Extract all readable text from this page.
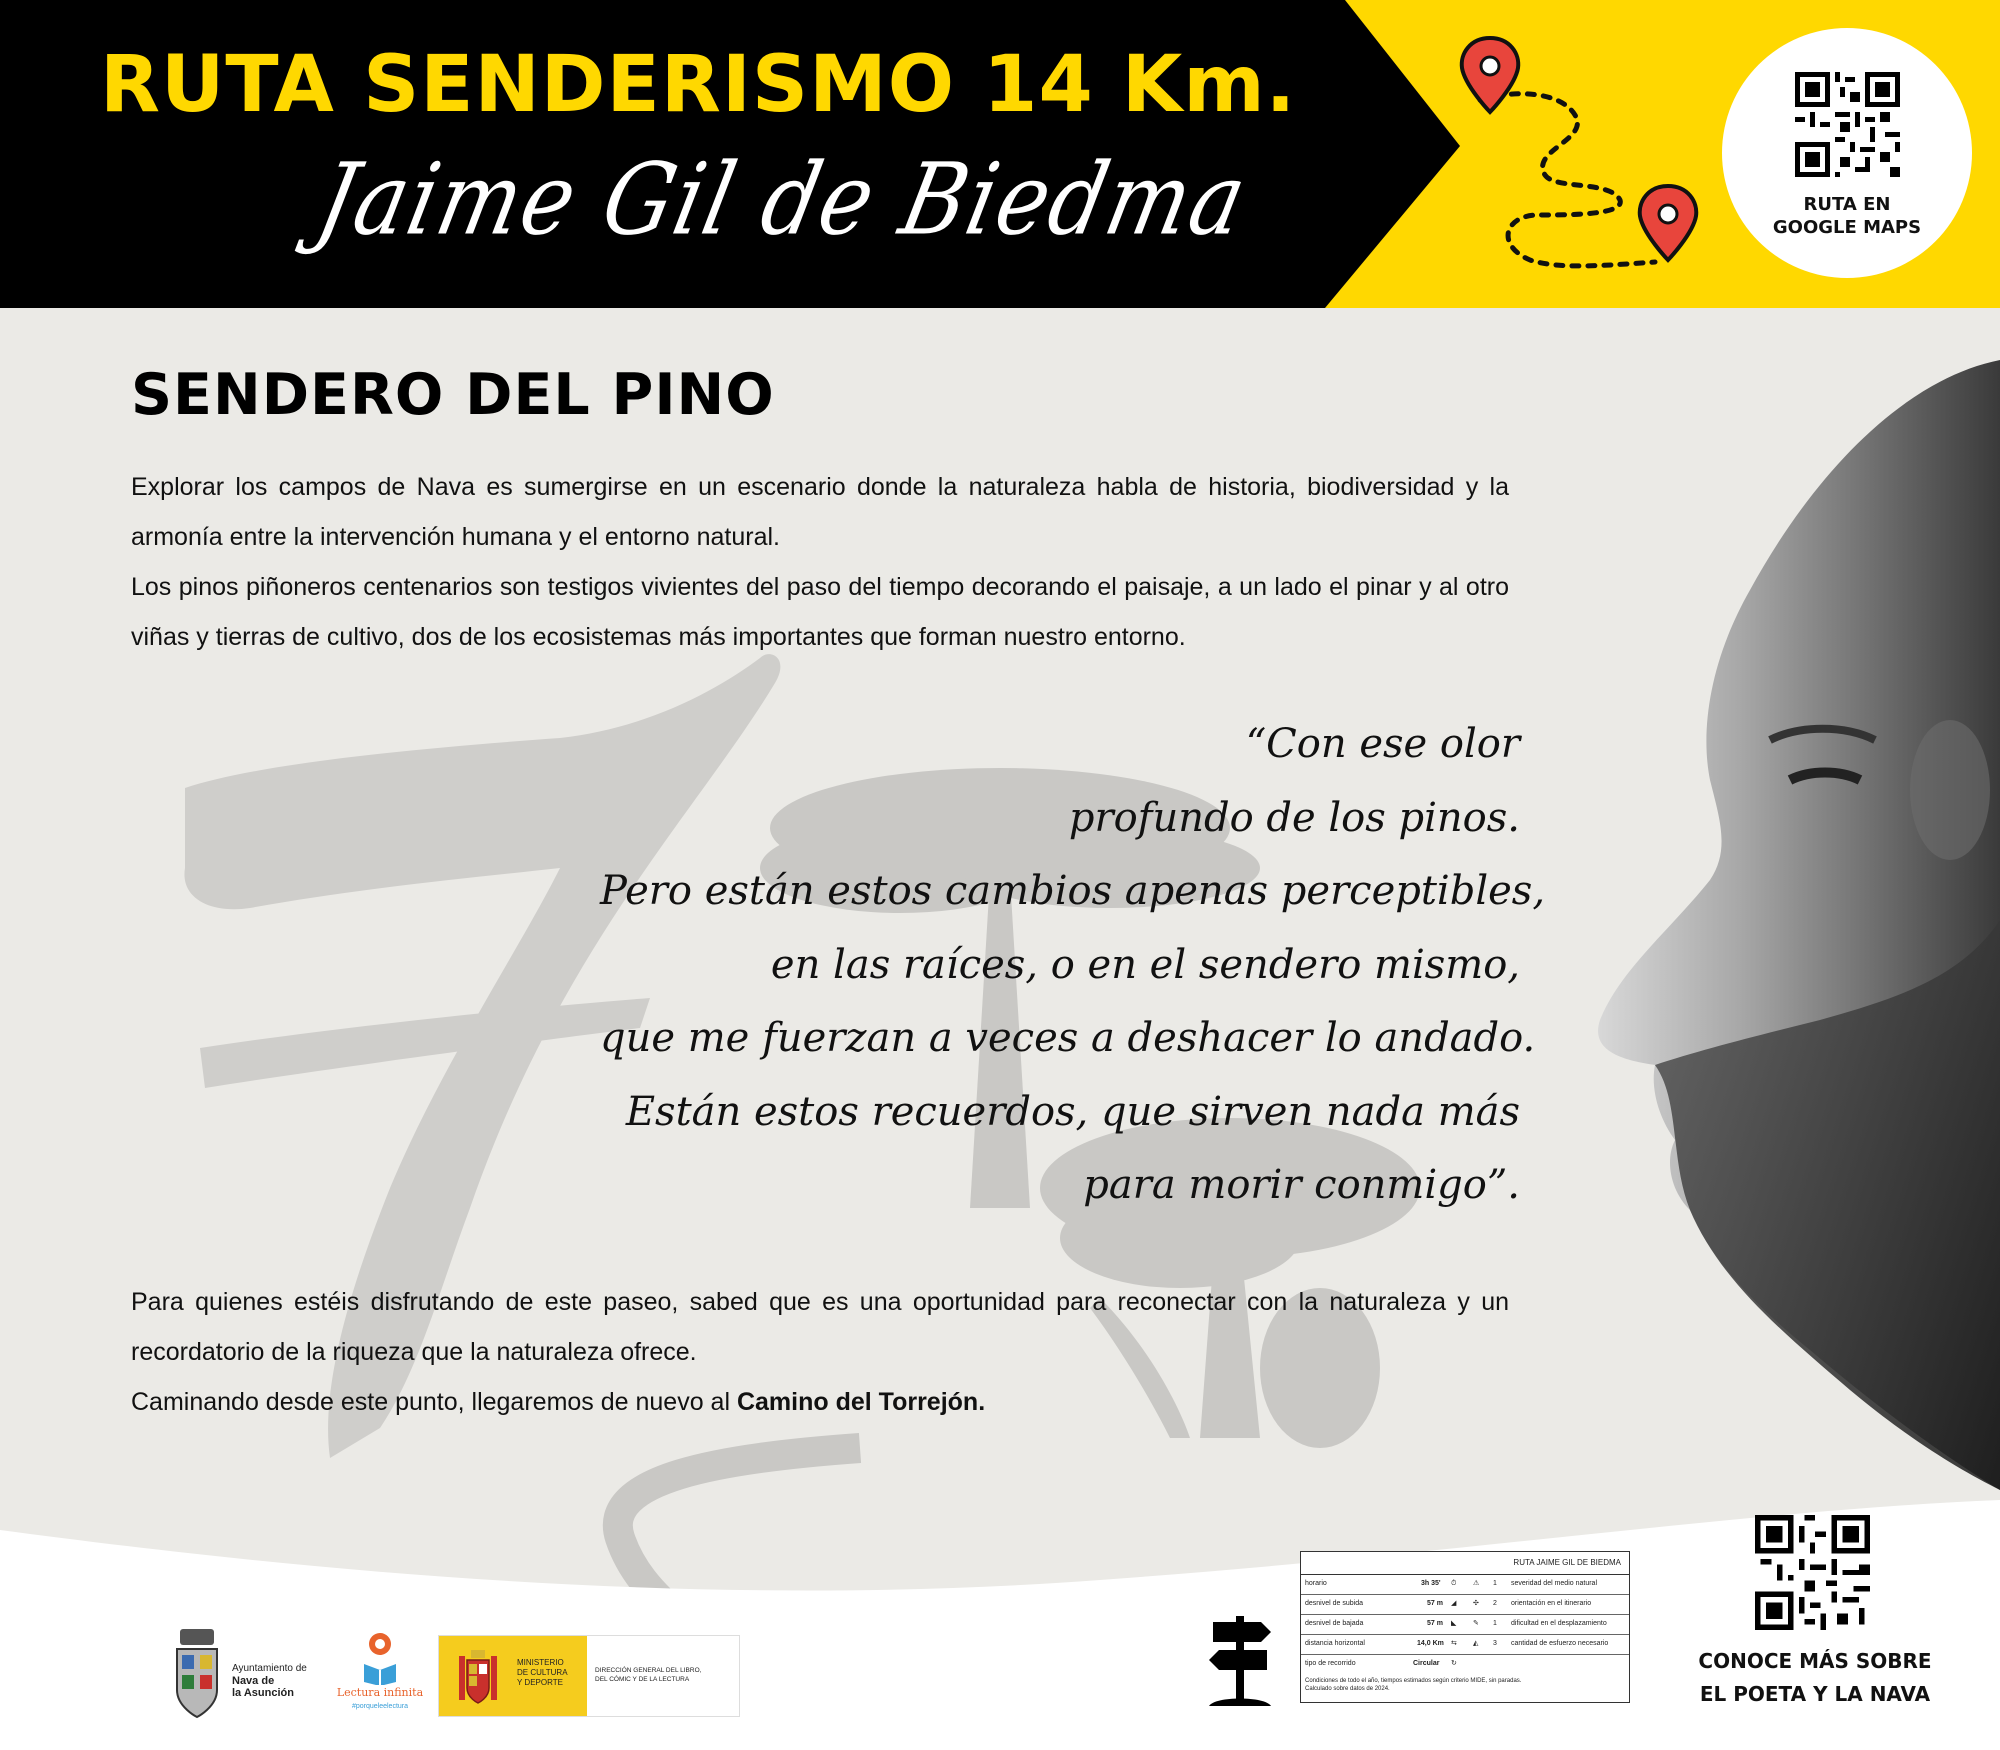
RUTA SENDERISMO 14 Km.
Jaime Gil de Biedma	RUTA EN
GOOGLE MAPS
SENDERO DEL PINO

Explorar los campos de Nava es sumergirse en un escenario donde la naturaleza habla de historia, biodiversidad y la armonía entre la intervención humana y el entorno natural.

Los pinos piñoneros centenarios son testigos vivientes del paso del tiempo decorando el paisaje, a un lado el pinar y al otro viñas y tierras de cultivo, dos de los ecosistemas más importantes que forman nuestro entorno.

“Con ese olor
profundo de los pinos.
Pero están estos cambios apenas perceptibles,
en las raíces, o en el sendero mismo,
que me fuerzan a veces a deshacer lo andado.
Están estos recuerdos, que sirven nada más
para morir conmigo”.

Para quienes estéis disfrutando de este paseo, sabed que es una oportunidad para reconectar con la naturaleza y un recordatorio de la riqueza que la naturaleza ofrece.

Caminando desde este punto, llegaremos de nuevo al Camino del Torrejón.

Ayuntamiento de
Nava de
la Asunción	Lectura infinita
#porqueleelectura
MINISTERIO
DE CULTURA
Y DEPORTE
DIRECCIÓN GENERAL DEL LIBRO,
DEL CÓMIC Y DE LA LECTURA
RUTA JAIME GIL DE BIEDMA
horario	3h 35' ⏱ ⚠ 1 severidad del medio natural
desnivel de subida	57 m ◢ ✣ 2 orientación en el itinerario
desnivel de bajada	57 m ◣ ✎ 1 dificultad en el desplazamiento
distancia horizontal	14,0 Km ⇆ ◭ 3 cantidad de esfuerzo necesario
tipo de recorrido	Circular ↻
Condiciones de todo el año, tiempos estimados según criterio MIDE, sin paradas.
Calculado sobre datos de 2024.
CONOCE MÁS SOBRE
EL POETA Y LA NAVA
